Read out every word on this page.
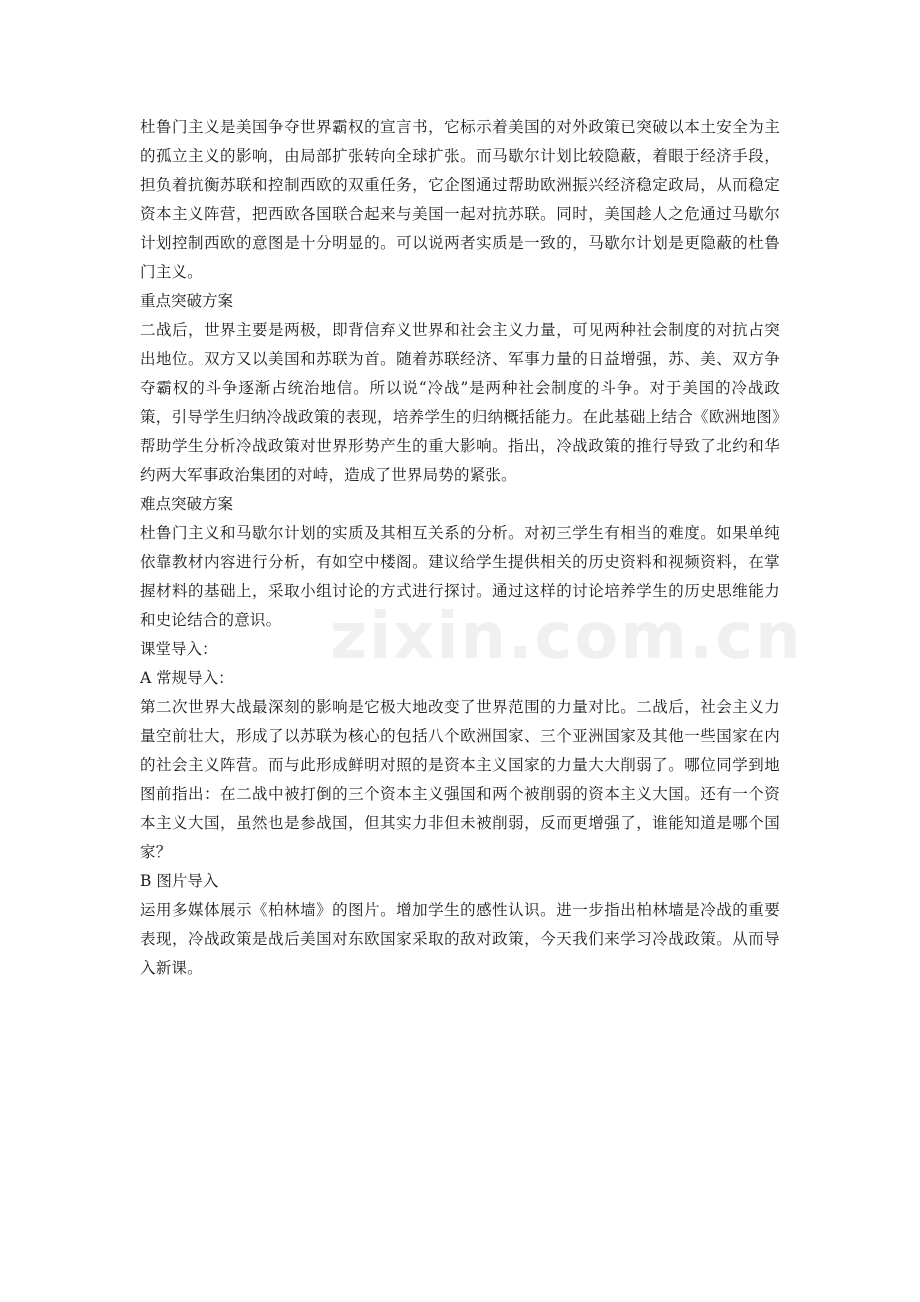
杜鲁门主义是美国争夺世界霸权的宣言书，它标示着美国的对外政策已突破以本土安全为主的孤立主义的影响，由局部扩张转向全球扩张。而马歇尔计划比较隐蔽，着眼于经济手段，担负着抗衡苏联和控制西欧的双重任务，它企图通过帮助欧洲振兴经济稳定政局，从而稳定资本主义阵营，把西欧各国联合起来与美国一起对抗苏联。同时，美国趁人之危通过马歇尔计划控制西欧的意图是十分明显的。可以说两者实质是一致的，马歇尔计划是更隐蔽的杜鲁门主义。

重点突破方案

二战后，世界主要是两极，即背信弃义世界和社会主义力量，可见两种社会制度的对抗占突出地位。双方又以美国和苏联为首。随着苏联经济、军事力量的日益增强，苏、美、双方争夺霸权的斗争逐渐占统治地信。所以说“冷战”是两种社会制度的斗争。对于美国的冷战政策，引导学生归纳冷战政策的表现，培养学生的归纳概括能力。在此基础上结合《欧洲地图》帮助学生分析冷战政策对世界形势产生的重大影响。指出，冷战政策的推行导致了北约和华约两大军事政治集团的对峙，造成了世界局势的紧张。

难点突破方案

杜鲁门主义和马歇尔计划的实质及其相互关系的分析。对初三学生有相当的难度。如果单纯依靠教材内容进行分析，有如空中楼阁。建议给学生提供相关的历史资料和视频资料，在掌握材料的基础上，采取小组讨论的方式进行探讨。通过这样的讨论培养学生的历史思维能力和史论结合的意识。

课堂导入：

A 常规导入：

第二次世界大战最深刻的影响是它极大地改变了世界范围的力量对比。二战后，社会主义力量空前壮大，形成了以苏联为核心的包括八个欧洲国家、三个亚洲国家及其他一些国家在内的社会主义阵营。而与此形成鲜明对照的是资本主义国家的力量大大削弱了。哪位同学到地图前指出：在二战中被打倒的三个资本主义强国和两个被削弱的资本主义大国。还有一个资本主义大国，虽然也是参战国，但其实力非但未被削弱，反而更增强了，谁能知道是哪个国家？

B 图片导入

运用多媒体展示《柏林墙》的图片。增加学生的感性认识。进一步指出柏林墙是冷战的重要表现，冷战政策是战后美国对东欧国家采取的敌对政策，今天我们来学习冷战政策。从而导入新课。

zixin.com.cn
